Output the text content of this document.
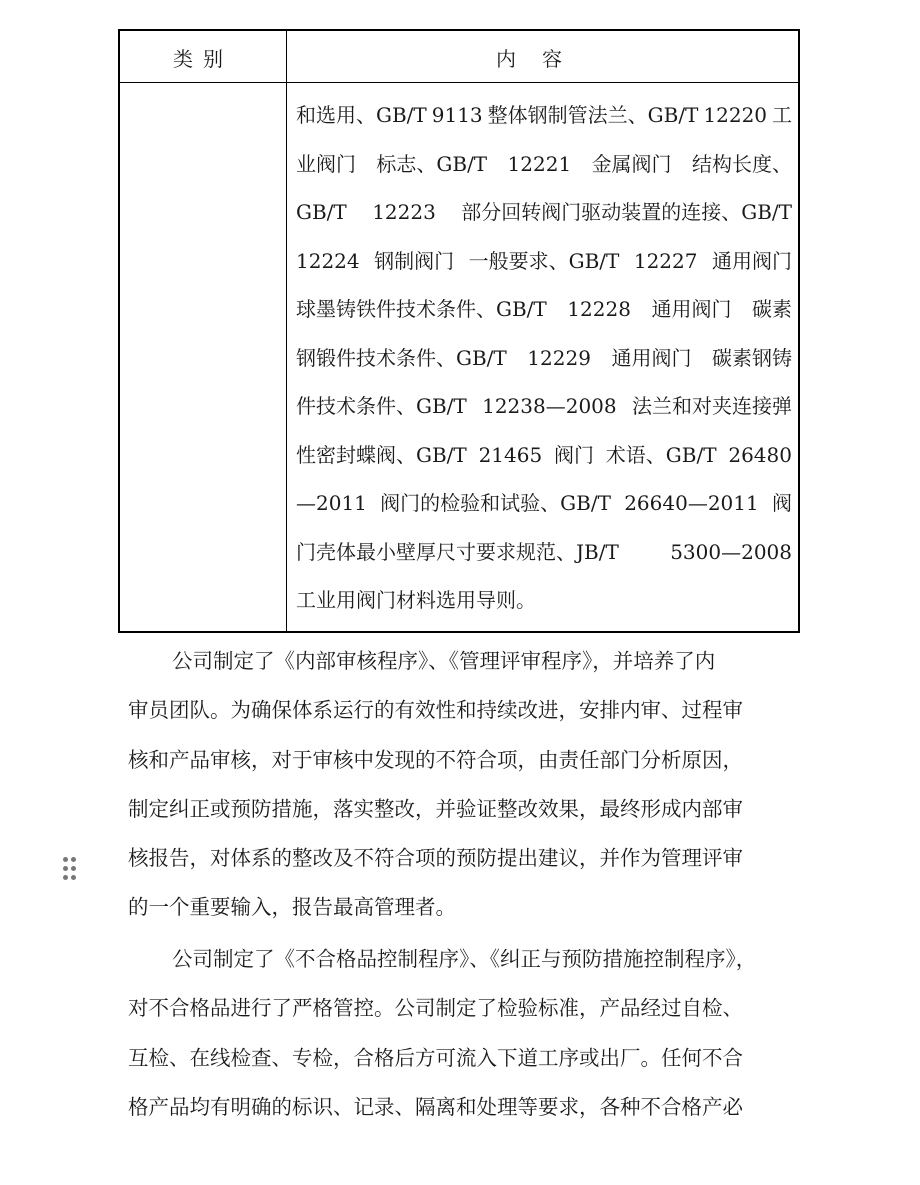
类别	内容
和选用、GB/T 9113 整体钢制管法兰、GB/T 12220 工
业阀门 标志、GB/T 12221 金属阀门 结构长度、
GB/T 12223 部分回转阀门驱动装置的连接、GB/T
12224 钢制阀门 一般要求、GB/T 12227 通用阀门
球墨铸铁件技术条件、GB/T 12228 通用阀门 碳素
钢锻件技术条件、GB/T 12229 通用阀门 碳素钢铸
件技术条件、GB/T 12238—2008 法兰和对夹连接弹
性密封蝶阀、GB/T 21465 阀门 术语、GB/T 26480
—2011 阀门的检验和试验、GB/T 26640—2011 阀
门壳体最小壁厚尺寸要求规范、JB/T	5300—2008
工业用阀门材料选用导则。
公司制定了《内部审核程序》、《管理评审程序》，并培养了内
审员团队。为确保体系运行的有效性和持续改进，安排内审、过程审
核和产品审核，对于审核中发现的不符合项，由责任部门分析原因，
制定纠正或预防措施，落实整改，并验证整改效果，最终形成内部审
核报告，对体系的整改及不符合项的预防提出建议，并作为管理评审
的一个重要输入，报告最高管理者。
公司制定了《不合格品控制程序》、《纠正与预防措施控制程序》，
对不合格品进行了严格管控。公司制定了检验标准，产品经过自检、
互检、在线检查、专检，合格后方可流入下道工序或出厂。任何不合
格产品均有明确的标识、记录、隔离和处理等要求，各种不合格产必
